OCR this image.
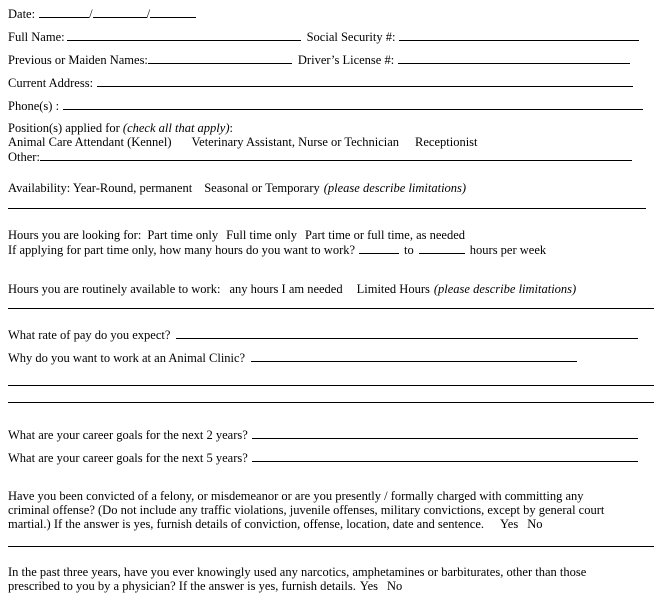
Date:	/	/
Full Name:	Social Security #:
Previous or Maiden Names:	Driver’s License #:
Current Address:
Phone(s) :
Position(s) applied for (check all that apply):
Animal Care Attendant (Kennel) Veterinary Assistant, Nurse or Technician Receptionist
Other:
Availability: Year-Round, permanent Seasonal or Temporary (please describe limitations)
Hours you are looking for: Part time only Full time only Part time or full time, as needed
If applying for part time only, how many hours do you want to work?	to	hours per week
Hours you are routinely available to work: any hours I am needed Limited Hours (please describe limitations)
What rate of pay do you expect?
Why do you want to work at an Animal Clinic?
What are your career goals for the next 2 years?
What are your career goals for the next 5 years?
Have you been convicted of a felony, or misdemeanor or are you presently / formally charged with committing any
criminal offense? (Do not include any traffic violations, juvenile offenses, military convictions, except by general court
martial.) If the answer is yes, furnish details of conviction, offense, location, date and sentence. Yes No
In the past three years, have you ever knowingly used any narcotics, amphetamines or barbiturates, other than those
prescribed to you by a physician? If the answer is yes, furnish details. Yes No
